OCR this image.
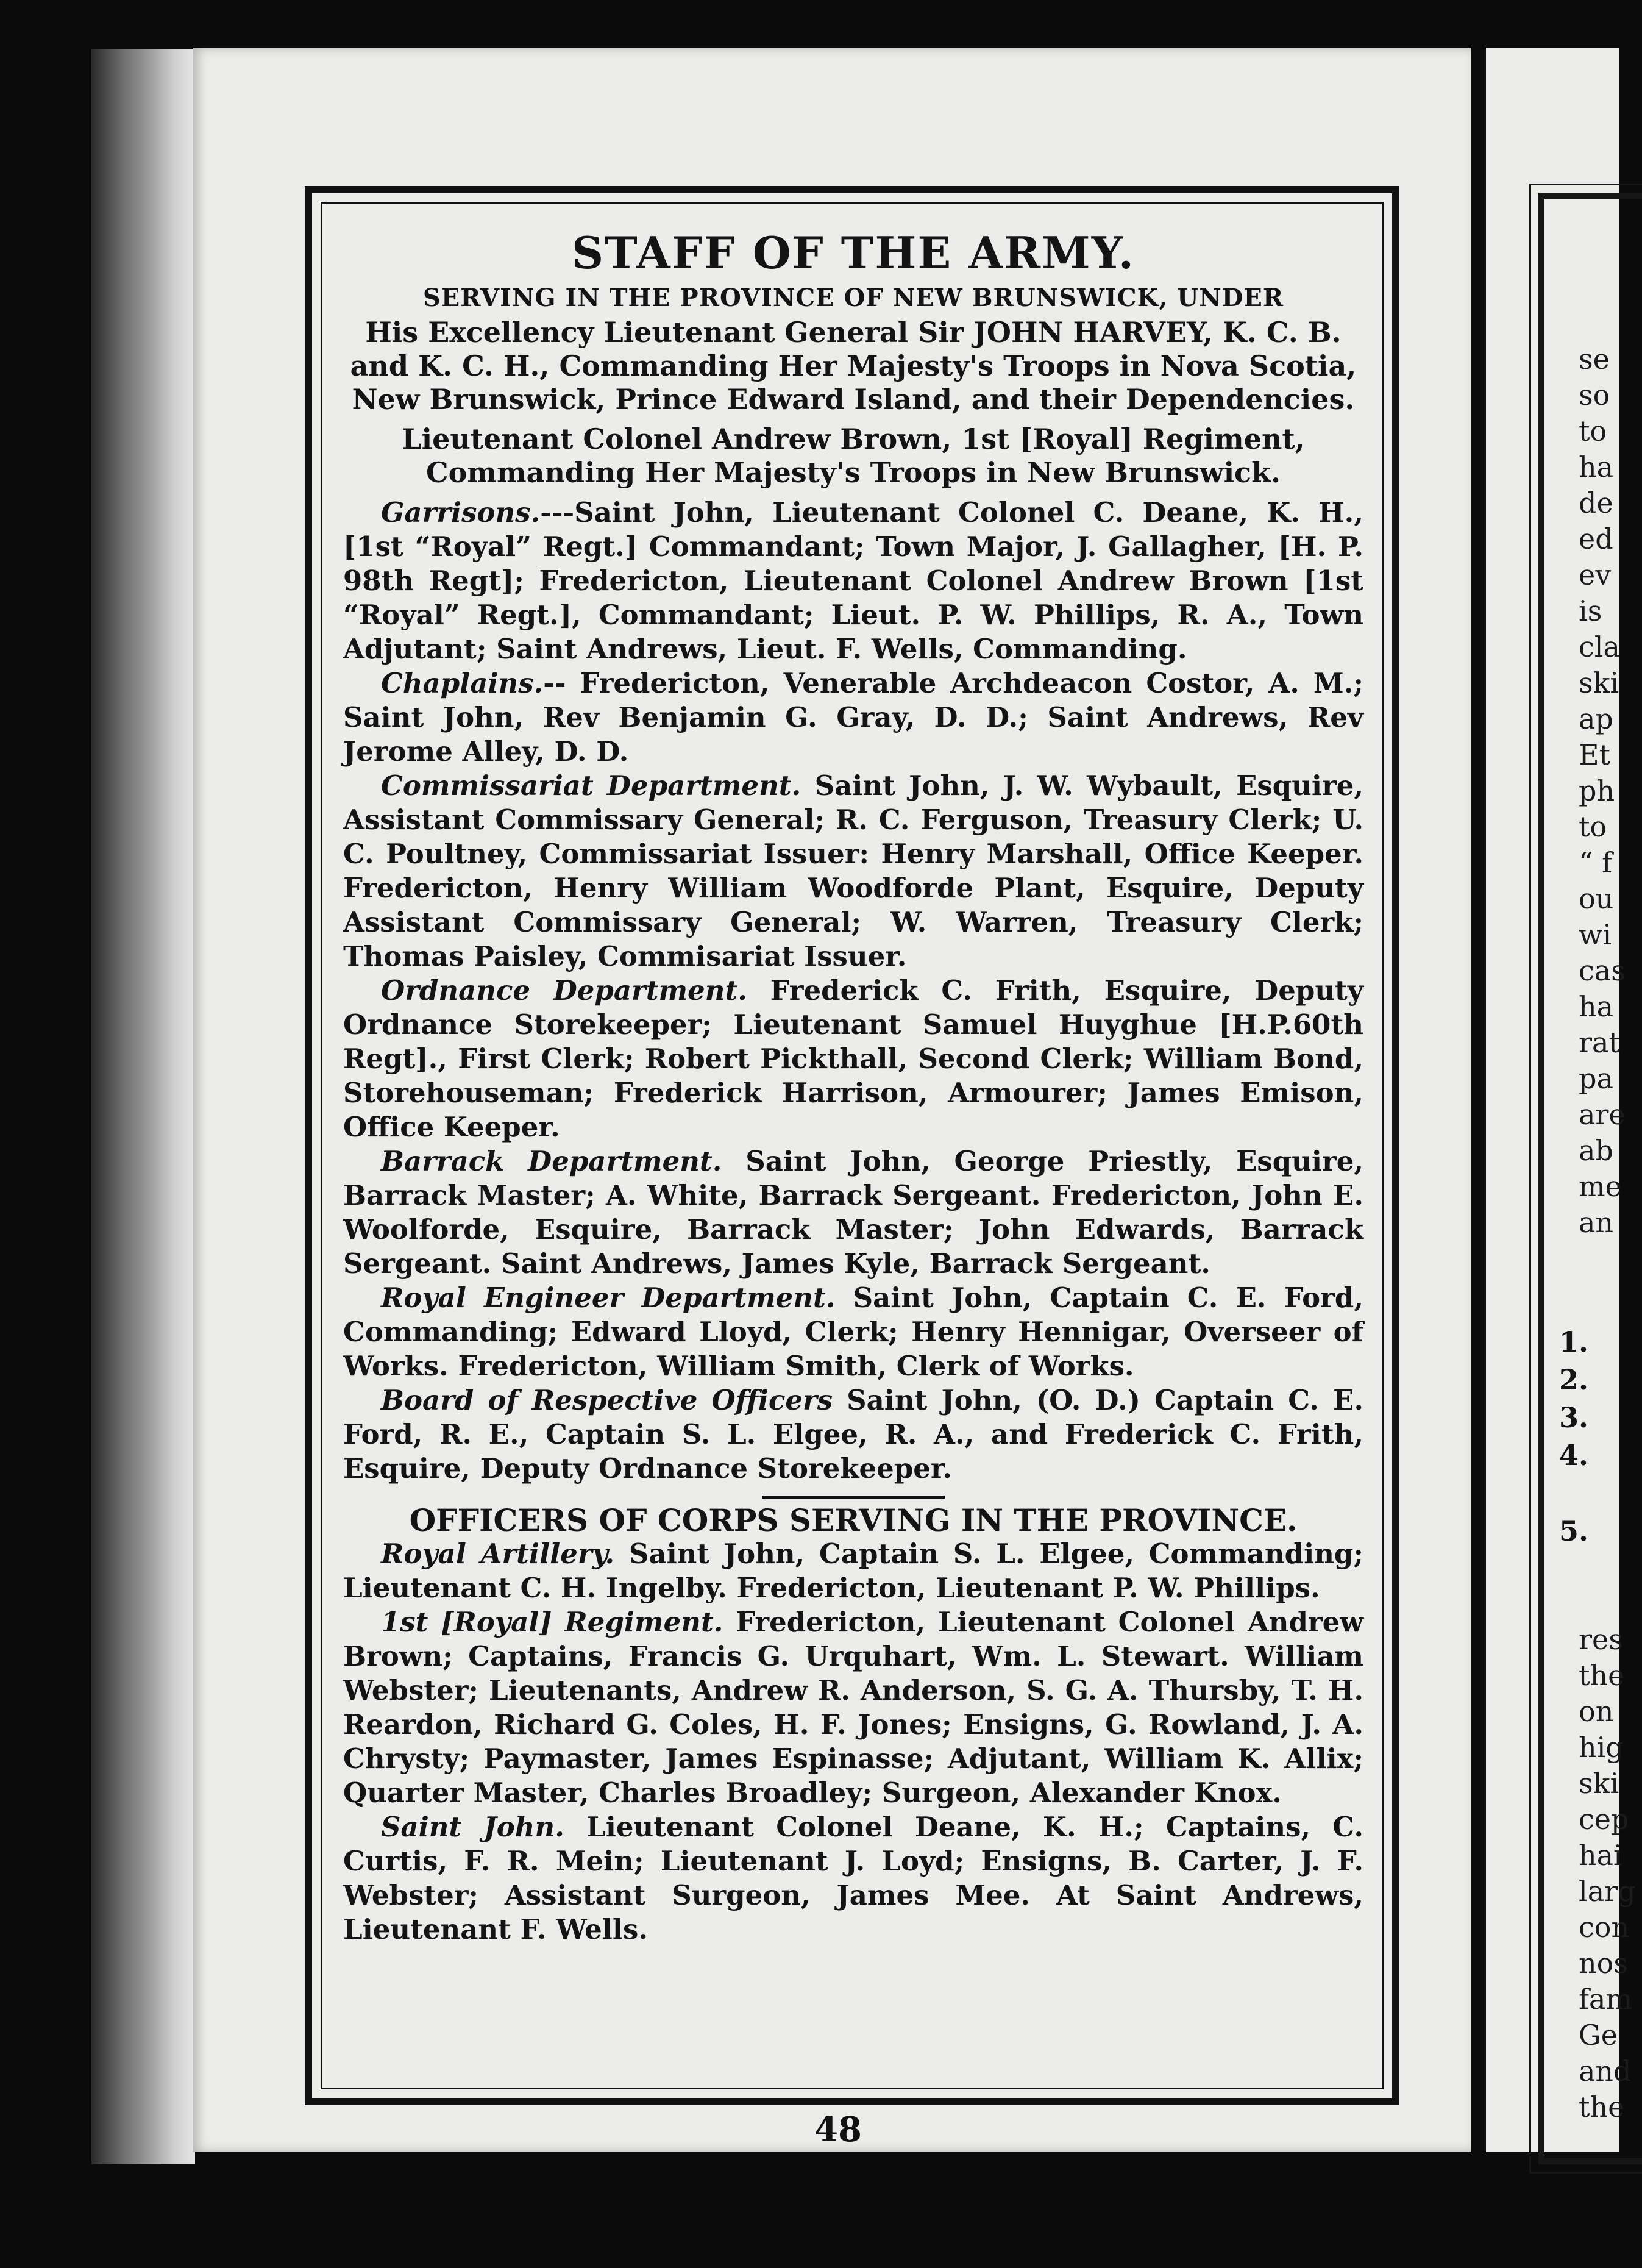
se
so
to
ha
de
ed
ev
is
cla
ski
ap
Et
ph
to
“ f
ou
wi
cas
ha
rat
pa
are
ab
me
an
1.
2.
3.
4.

5.
res
the
on
hig
ski
cep
hai
larg
con
nos
fam
Ge
and
the
STAFF OF THE ARMY.
SERVING IN THE PROVINCE OF NEW BRUNSWICK, UNDER
His Excellency Lieutenant General Sir JOHN HARVEY, K. C. B. and K. C. H., Commanding Her Majesty's Troops in Nova Scotia, New Brunswick, Prince Edward Island, and their Dependencies.
Lieutenant Colonel Andrew Brown, 1st [Royal] Regiment, Commanding Her Majesty's Troops in New Brunswick.

Garrisons.---Saint John, Lieutenant Colonel C. Deane, K. H., [1st “Royal” Regt.] Commandant; Town Major, J. Gallagher, [H. P. 98th Regt]; Fredericton, Lieutenant Colonel Andrew Brown [1st “Royal” Regt.], Commandant; Lieut. P. W. Phillips, R. A., Town Adjutant; Saint Andrews, Lieut. F. Wells, Commanding.

Chaplains.-- Fredericton, Venerable Archdeacon Costor, A. M.; Saint John, Rev Benjamin G. Gray, D. D.; Saint Andrews, Rev Jerome Alley, D. D.

Commissariat Department. Saint John, J. W. Wybault, Esquire, Assistant Commissary General; R. C. Ferguson, Treasury Clerk; U. C. Poultney, Commissariat Issuer: Henry Marshall, Office Keeper. Fredericton, Henry William Woodforde Plant, Esquire, Deputy Assistant Commissary General; W. Warren, Treasury Clerk; Thomas Paisley, Commisariat Issuer.

Ordnance Department. Frederick C. Frith, Esquire, Deputy Ordnance Storekeeper; Lieutenant Samuel Huyghue [H.P.60th Regt]., First Clerk; Robert Pickthall, Second Clerk; William Bond, Storehouseman; Frederick Harrison, Armourer; James Emison, Office Keeper.

Barrack Department. Saint John, George Priestly, Esquire, Barrack Master; A. White, Barrack Sergeant. Fredericton, John E. Woolforde, Esquire, Barrack Master; John Edwards, Barrack Sergeant. Saint Andrews, James Kyle, Barrack Sergeant.

Royal Engineer Department. Saint John, Captain C. E. Ford, Commanding; Edward Lloyd, Clerk; Henry Hennigar, Overseer of Works. Fredericton, William Smith, Clerk of Works.

Board of Respective Officers Saint John, (O. D.) Captain C. E. Ford, R. E., Captain S. L. Elgee, R. A., and Frederick C. Frith, Esquire, Deputy Ordnance Storekeeper.

OFFICERS OF CORPS SERVING IN THE PROVINCE.

Royal Artillery. Saint John, Captain S. L. Elgee, Commanding; Lieutenant C. H. Ingelby. Fredericton, Lieutenant P. W. Phillips.

1st [Royal] Regiment. Fredericton, Lieutenant Colonel Andrew Brown; Captains, Francis G. Urquhart, Wm. L. Stewart. William Webster; Lieutenants, Andrew R. Anderson, S. G. A. Thursby, T. H. Reardon, Richard G. Coles, H. F. Jones; Ensigns, G. Rowland, J. A. Chrysty; Paymaster, James Espinasse; Adjutant, William K. Allix; Quarter Master, Charles Broadley; Surgeon, Alexander Knox.

Saint John. Lieutenant Colonel Deane, K. H.; Captains, C. Curtis, F. R. Mein; Lieutenant J. Loyd; Ensigns, B. Carter, J. F. Webster; Assistant Surgeon, James Mee. At Saint Andrews, Lieutenant F. Wells.

48
